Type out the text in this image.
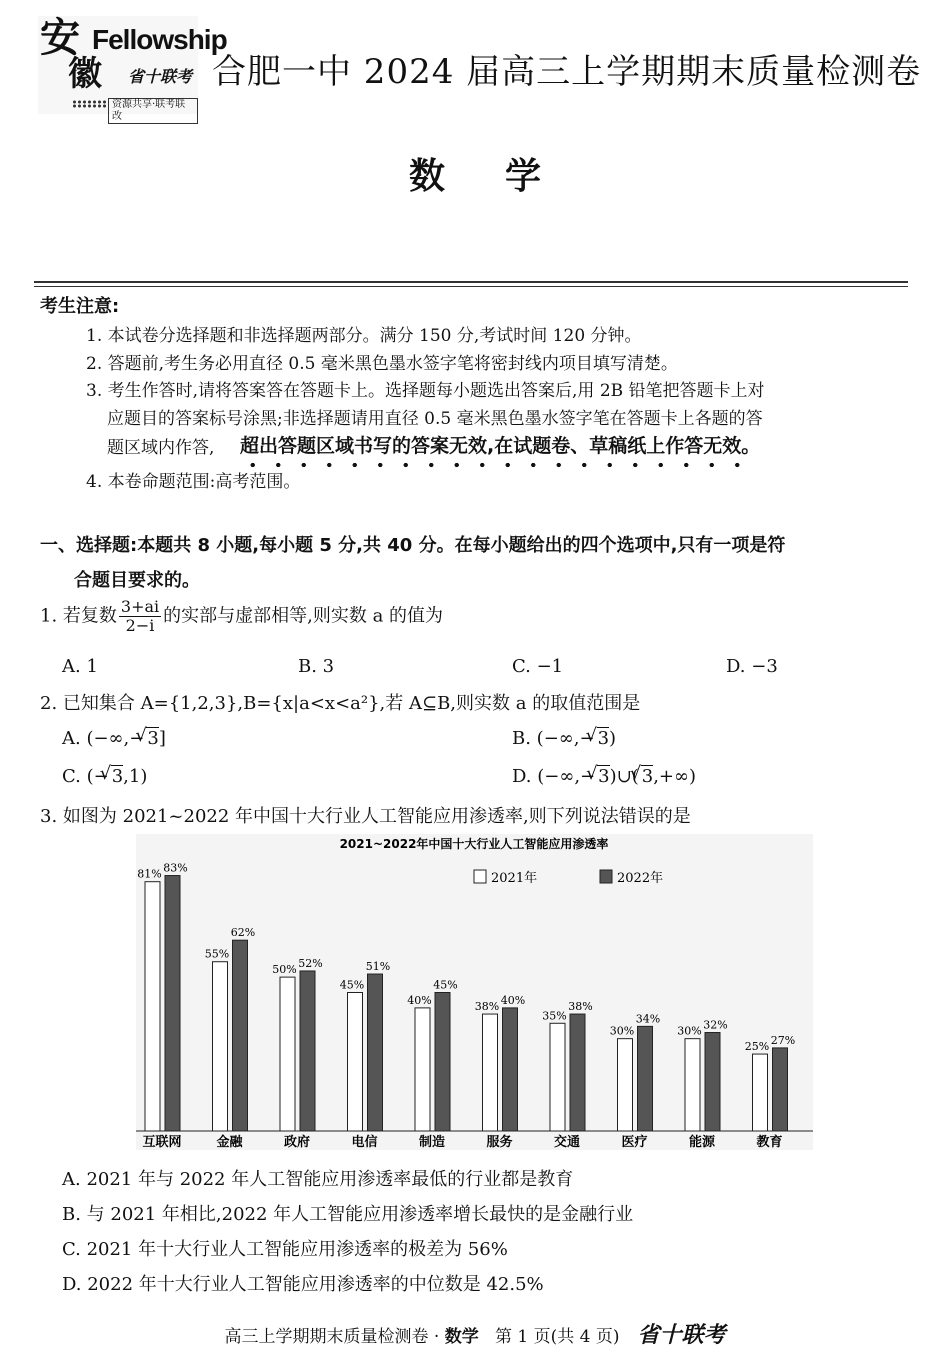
安
徽
Fellowship
省十联考
资源共享·联考联改
合肥一中 2024 届高三上学期期末质量检测卷
数学
考生注意:
1. 本试卷分选择题和非选择题两部分。满分 150 分,考试时间 120 分钟。
2. 答题前,考生务必用直径 0.5 毫米黑色墨水签字笔将密封线内项目填写清楚。
3. 考生作答时,请将答案答在答题卡上。选择题每小题选出答案后,用 2B 铅笔把答题卡上对
应题目的答案标号涂黑;非选择题请用直径 0.5 毫米黑色墨水签字笔在答题卡上各题的答
题区域内作答, 超出答题区域书写的答案无效,在试题卷、草稿纸上作答无效。
4. 本卷命题范围:高考范围。
一、选择题:本题共 8 小题,每小题 5 分,共 40 分。在每小题给出的四个选项中,只有一项是符
合题目要求的。
1. 若复数 $\frac{3+ai}{2-i}$ 的实部与虚部相等,则实数 a 的值为
A. 1	B. 3	C. −1	D. −3
2. 已知集合 A={1,2,3},B={x|a<x<a²},若 A⊆B,则实数 a 的取值范围是
A. (−∞,− √ 3]	B. (−∞,− √ 3)
C. (− √ 3,1)	D. (−∞,− √ 3)∪( √ 3,+∞)
3. 如图为 2021~2022 年中国十大行业人工智能应用渗透率,则下列说法错误的是
2021~2022年中国十大行业人工智能应用渗透率
2021年	2022年
81% 83%
互联网
55%
62%
金融
50% 52%
政府
45%
51%
电信
40%
45%
制造
38% 40%
服务
35%
38%
交通
30%
34%
医疗
30% 32%
能源
25% 27%
教育
A. 2021 年与 2022 年人工智能应用渗透率最低的行业都是教育
B. 与 2021 年相比,2022 年人工智能应用渗透率增长最快的是金融行业
C. 2021 年十大行业人工智能应用渗透率的极差为 56%
D. 2022 年十大行业人工智能应用渗透率的中位数是 42.5%
高三上学期期末质量检测卷 · 数学 第 1 页(共 4 页) 省十联考
